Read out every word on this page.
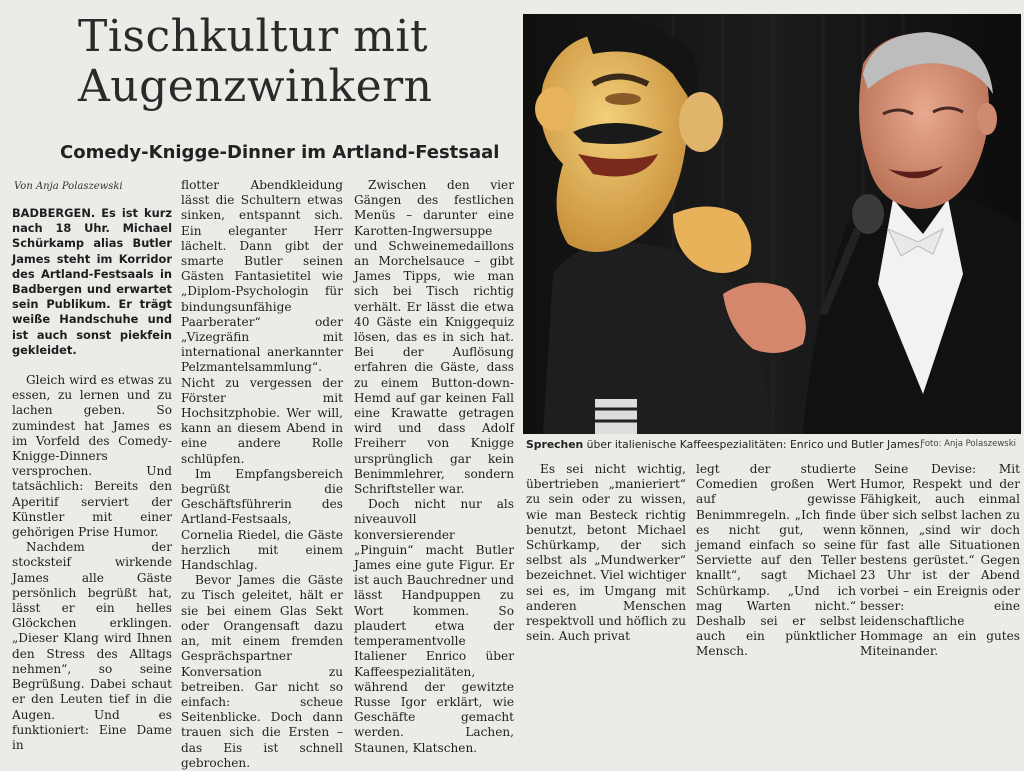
Tischkultur mit Augenzwinkern
Comedy-Knigge-Dinner im Artland-Festsaal
Von Anja Polaszewski

BADBERGEN. Es ist kurz nach 18 Uhr. Michael Schürkamp alias Butler James steht im Korridor des Artland-Festsaals in Badbergen und erwartet sein Publikum. Er trägt weiße Handschuhe und ist auch sonst piekfein gekleidet.

Gleich wird es etwas zu essen, zu lernen und zu lachen geben. So zumindest hat James es im Vorfeld des Comedy-Knigge-Dinners versprochen. Und tatsächlich: Bereits den Aperitif serviert der Künstler mit einer gehörigen Prise Humor.

Nachdem der stocksteif wirkende James alle Gäste persönlich begrüßt hat, lässt er ein helles Glöckchen erklingen. „Dieser Klang wird Ihnen den Stress des Alltags nehmen“, so seine Begrüßung. Dabei schaut er den Leuten tief in die Augen. Und es funktioniert: Eine Dame in

flotter Abendkleidung lässt die Schultern etwas sinken, entspannt sich. Ein eleganter Herr lächelt. Dann gibt der smarte Butler seinen Gästen Fantasietitel wie „Diplom-Psychologin für bindungsunfähige Paarberater“ oder „Vizegräfin mit international anerkannter Pelzmantelsammlung“. Nicht zu vergessen der Förster mit Hochsitzphobie. Wer will, kann an diesem Abend in eine andere Rolle schlüpfen.

Im Empfangsbereich begrüßt die Geschäftsführerin des Artland-Festsaals, Cornelia Riedel, die Gäste herzlich mit einem Handschlag.

Bevor James die Gäste zu Tisch geleitet, hält er sie bei einem Glas Sekt oder Orangensaft dazu an, mit einem fremden Gesprächspartner Konversation zu betreiben. Gar nicht so einfach: scheue Seitenblicke. Doch dann trauen sich die Ersten – das Eis ist schnell gebrochen.

Zwischen den vier Gängen des festlichen Menüs – darunter eine Karotten-Ingwersuppe und Schweinemedaillons an Morchelsauce – gibt James Tipps, wie man sich bei Tisch richtig verhält. Er lässt die etwa 40 Gäste ein Kniggequiz lösen, das es in sich hat. Bei der Auflösung erfahren die Gäste, dass zu einem Button-down-Hemd auf gar keinen Fall eine Krawatte getragen wird und dass Adolf Freiherr von Knigge ursprünglich gar kein Benimmlehrer, sondern Schriftsteller war.

Doch nicht nur als niveauvoll konversierender „Pinguin“ macht Butler James eine gute Figur. Er ist auch Bauchredner und lässt Handpuppen zu Wort kommen. So plaudert etwa der temperamentvolle Italiener Enrico über Kaffeespezialitäten, während der gewitzte Russe Igor erklärt, wie Geschäfte gemacht werden. Lachen, Staunen, Klatschen.

Sprechen über italienische Kaffeespezialitäten: Enrico und Butler James.
Foto: Anja Polaszewski

Es sei nicht wichtig, übertrieben „manieriert“ zu sein oder zu wissen, wie man Besteck richtig benutzt, betont Michael Schürkamp, der sich selbst als „Mundwerker“ bezeichnet. Viel wichtiger sei es, im Umgang mit anderen Menschen respektvoll und höflich zu sein. Auch privat

legt der studierte Comedien großen Wert auf gewisse Benimmregeln. „Ich finde es nicht gut, wenn jemand einfach so seine Serviette auf den Teller knallt“, sagt Michael Schürkamp. „Und ich mag Warten nicht.“ Deshalb sei er selbst auch ein pünktlicher Mensch.

Seine Devise: Mit Humor, Respekt und der Fähigkeit, auch einmal über sich selbst lachen zu können, „sind wir doch für fast alle Situationen bestens gerüstet.“ Gegen 23 Uhr ist der Abend vorbei – ein Ereignis oder besser: eine leidenschaftliche Hommage an ein gutes Miteinander.
